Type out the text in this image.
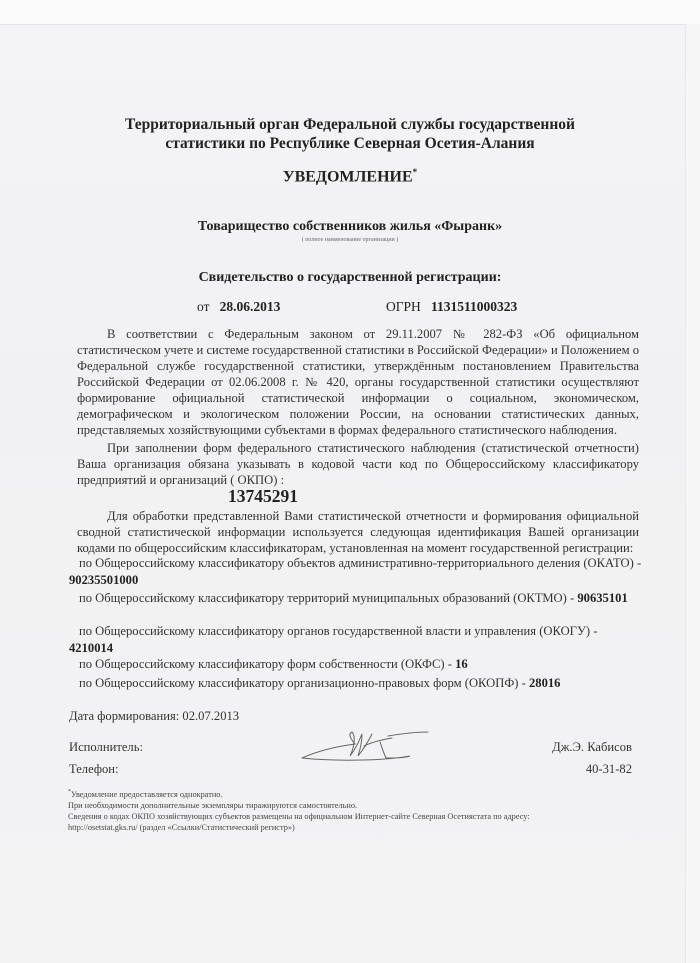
Территориальный орган Федеральной службы государственной
статистики по Республике Северная Осетия-Алания
УВЕДОМЛЕНИЕ*
Товарищество собственников жилья «Фыранк»
( полное наименование организации )
Свидетельство о государственной регистрации:
от 28.06.2013	ОГРН 1131511000323
В соответствии с Федеральным законом от 29.11.2007 № 282-ФЗ «Об официальном статистическом учете и системе государственной статистики в Российской Федерации» и Положением о Федеральной службе государственной статистики, утверждённым постановлением Правительства Российской Федерации от 02.06.2008 г. № 420, органы государственной статистики осуществляют формирование официальной статистической информации о социальном, экономическом, демографическом и экологическом положении России, на основании статистических данных, представляемых хозяйствующими субъектами в формах федерального статистического наблюдения.
При заполнении форм федерального статистического наблюдения (статистической отчетности) Ваша организация обязана указывать в кодовой части код по Общероссийскому классификатору предприятий и организаций ( ОКПО) :
13745291
Для обработки представленной Вами статистической отчетности и формирования официальной сводной статистической информации используется следующая идентификация Вашей организации кодами по общероссийским классификаторам, установленная на момент государственной регистрации:
по Общероссийскому классификатору объектов административно-территориального деления (ОКАТО) - 90235501000
по Общероссийскому классификатору территорий муниципальных образований (ОКТМО) - 90635101
по Общероссийскому классификатору органов государственной власти и управления (ОКОГУ) - 4210014
по Общероссийскому классификатору форм собственности (ОКФС) - 16
по Общероссийскому классификатору организационно-правовых форм (ОКОПФ) - 28016
Дата формирования: 02.07.2013
Исполнитель:	Дж.Э. Кабисов
Телефон:	40-31-82
*Уведомление предоставляется однократно.
При необходимости дополнительные экземпляры тиражируются самостоятельно.
Сведения о кодах ОКПО хозяйствующих субъектов размещены на официальном Интернет-сайте Северная Осетиястата по адресу:
http://osetstat.gks.ru/ (раздел «Ссылки/Статистический регистр»)
